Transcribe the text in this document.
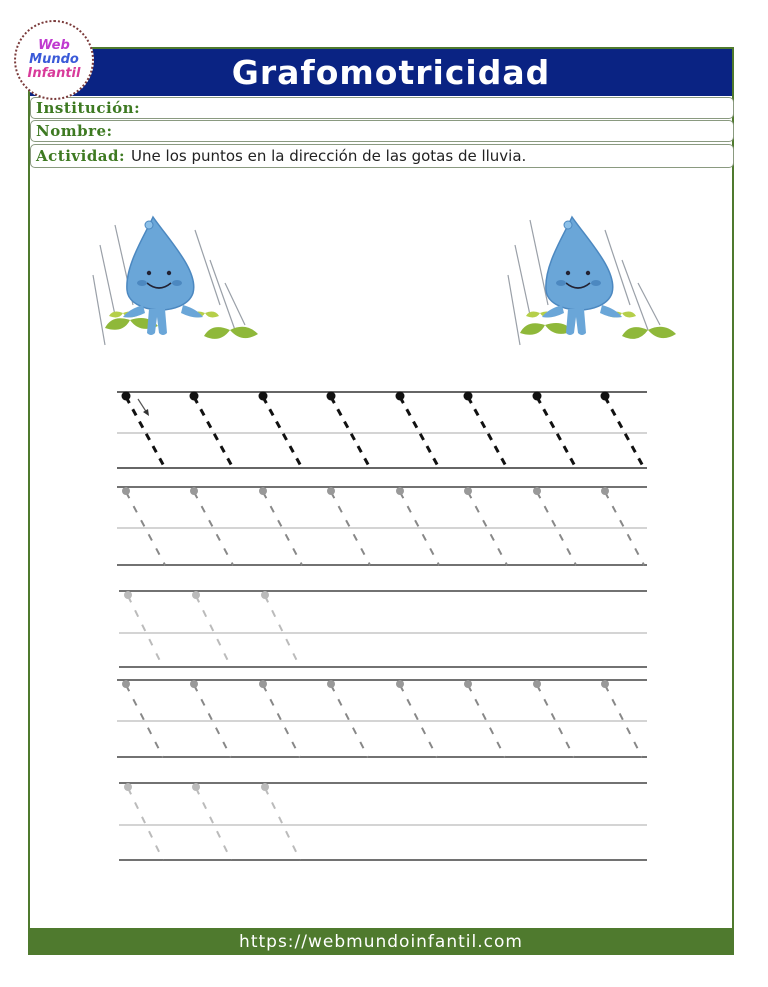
Grafomotricidad
Web
Mundo
Infantil
Institución:
Nombre:
Actividad: Une los puntos en la dirección de las gotas de lluvia.
https://webmundoinfantil.com
